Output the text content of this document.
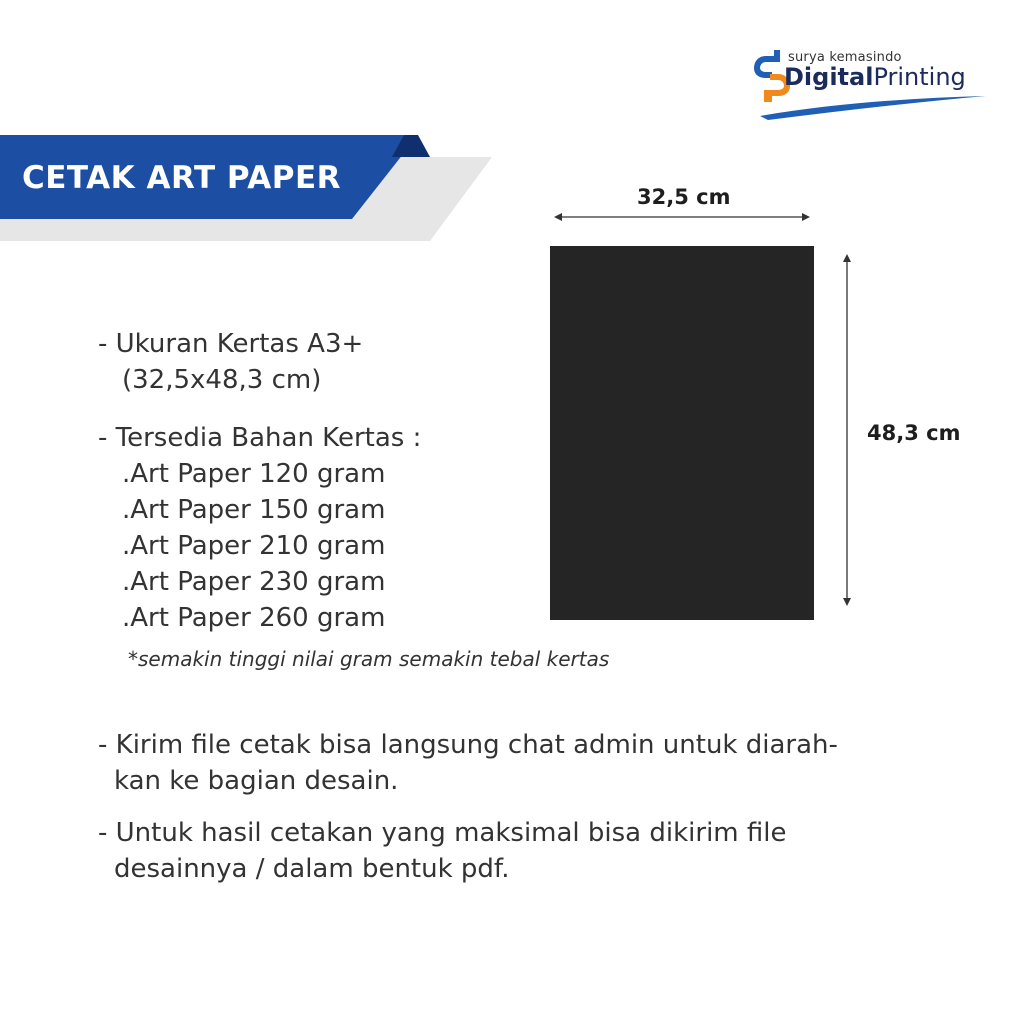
surya kemasindo
DigitalPrinting
CETAK ART PAPER
- Ukuran Kertas A3+
(32,5x48,3 cm)
- Tersedia Bahan Kertas :
.Art Paper 120 gram
.Art Paper 150 gram
.Art Paper 210 gram
.Art Paper 230 gram
.Art Paper 260 gram
*semakin tinggi nilai gram semakin tebal kertas
32,5 cm
48,3 cm
- Kirim file cetak bisa langsung chat admin untuk diarah-
kan ke bagian desain.
- Untuk hasil cetakan yang maksimal bisa dikirim file
desainnya / dalam bentuk pdf.
